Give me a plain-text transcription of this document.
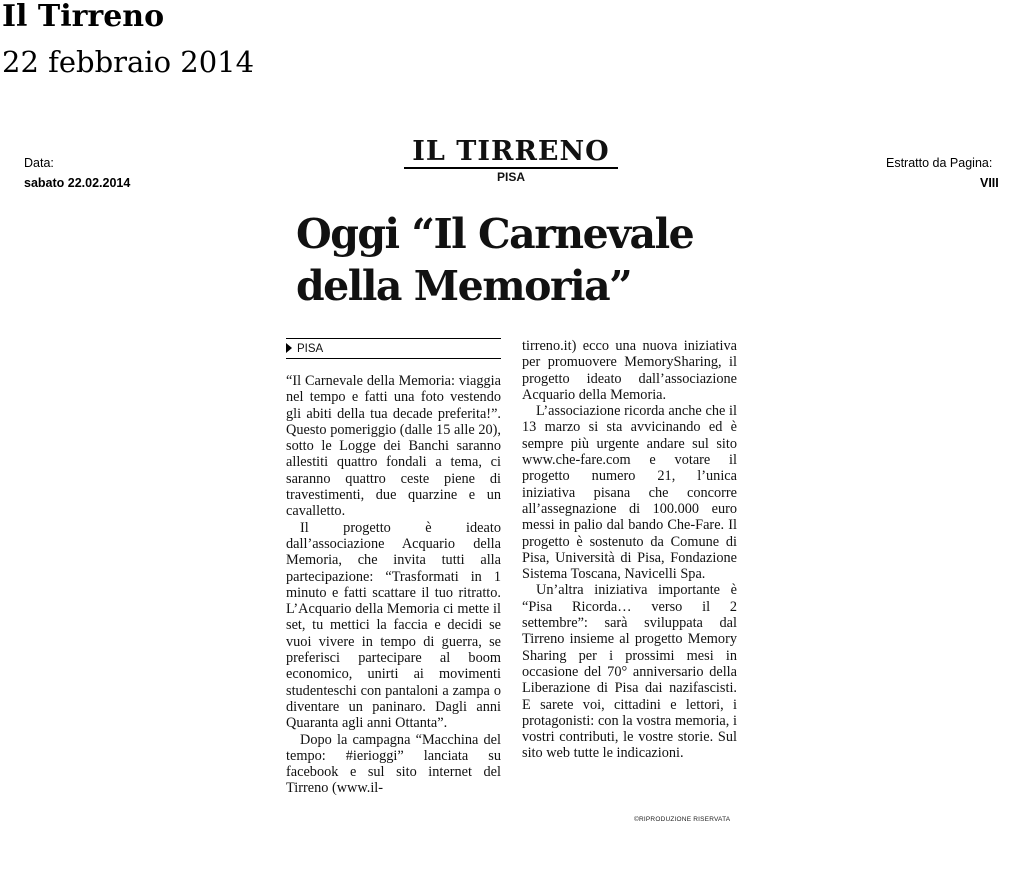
Il Tirreno
22 febbraio 2014
Data:
sabato 22.02.2014
Estratto da Pagina:
VIII
IL TIRRENO
PISA
Oggi “Il Carnevale
della Memoria”
PISA

“Il Carnevale della Memoria: viaggia nel tempo e fatti una foto vestendo gli abiti della tua decade preferita!”. Questo pomeriggio (dalle 15 alle 20), sotto le Logge dei Banchi saranno allestiti quattro fondali a tema, ci saranno quattro ceste piene di travestimenti, due quarzine e un cavalletto.

Il progetto è ideato dall’associazione Acquario della Memoria, che invita tutti alla partecipazione: “Trasformati in 1 minuto e fatti scattare il tuo ritratto. L’Acquario della Memoria ci mette il set, tu mettici la faccia e decidi se vuoi vivere in tempo di guerra, se preferisci partecipare al boom economico, unirti ai movimenti studenteschi con pantaloni a zampa o diventare un paninaro. Dagli anni Quaranta agli anni Ottanta”.

Dopo la campagna “Macchina del tempo: #ierioggi” lanciata su facebook e sul sito internet del Tirreno (www.il-

tirreno.it) ecco una nuova iniziativa per promuovere MemorySharing, il progetto ideato dall’associazione Acquario della Memoria.

L’associazione ricorda anche che il 13 marzo si sta avvicinando ed è sempre più urgente andare sul sito www.che-fare.com e votare il progetto numero 21, l’unica iniziativa pisana che concorre all’assegnazione di 100.000 euro messi in palio dal bando Che-Fare. Il progetto è sostenuto da Comune di Pisa, Università di Pisa, Fondazione Sistema Toscana, Navicelli Spa.

Un’altra iniziativa importante è “Pisa Ricorda… verso il 2 settembre”: sarà sviluppata dal Tirreno insieme al progetto Memory Sharing per i prossimi mesi in occasione del 70° anniversario della Liberazione di Pisa dai nazifascisti. E sarete voi, cittadini e lettori, i protagonisti: con la vostra memoria, i vostri contributi, le vostre storie. Sul sito web tutte le indicazioni.

©RIPRODUZIONE RISERVATA
